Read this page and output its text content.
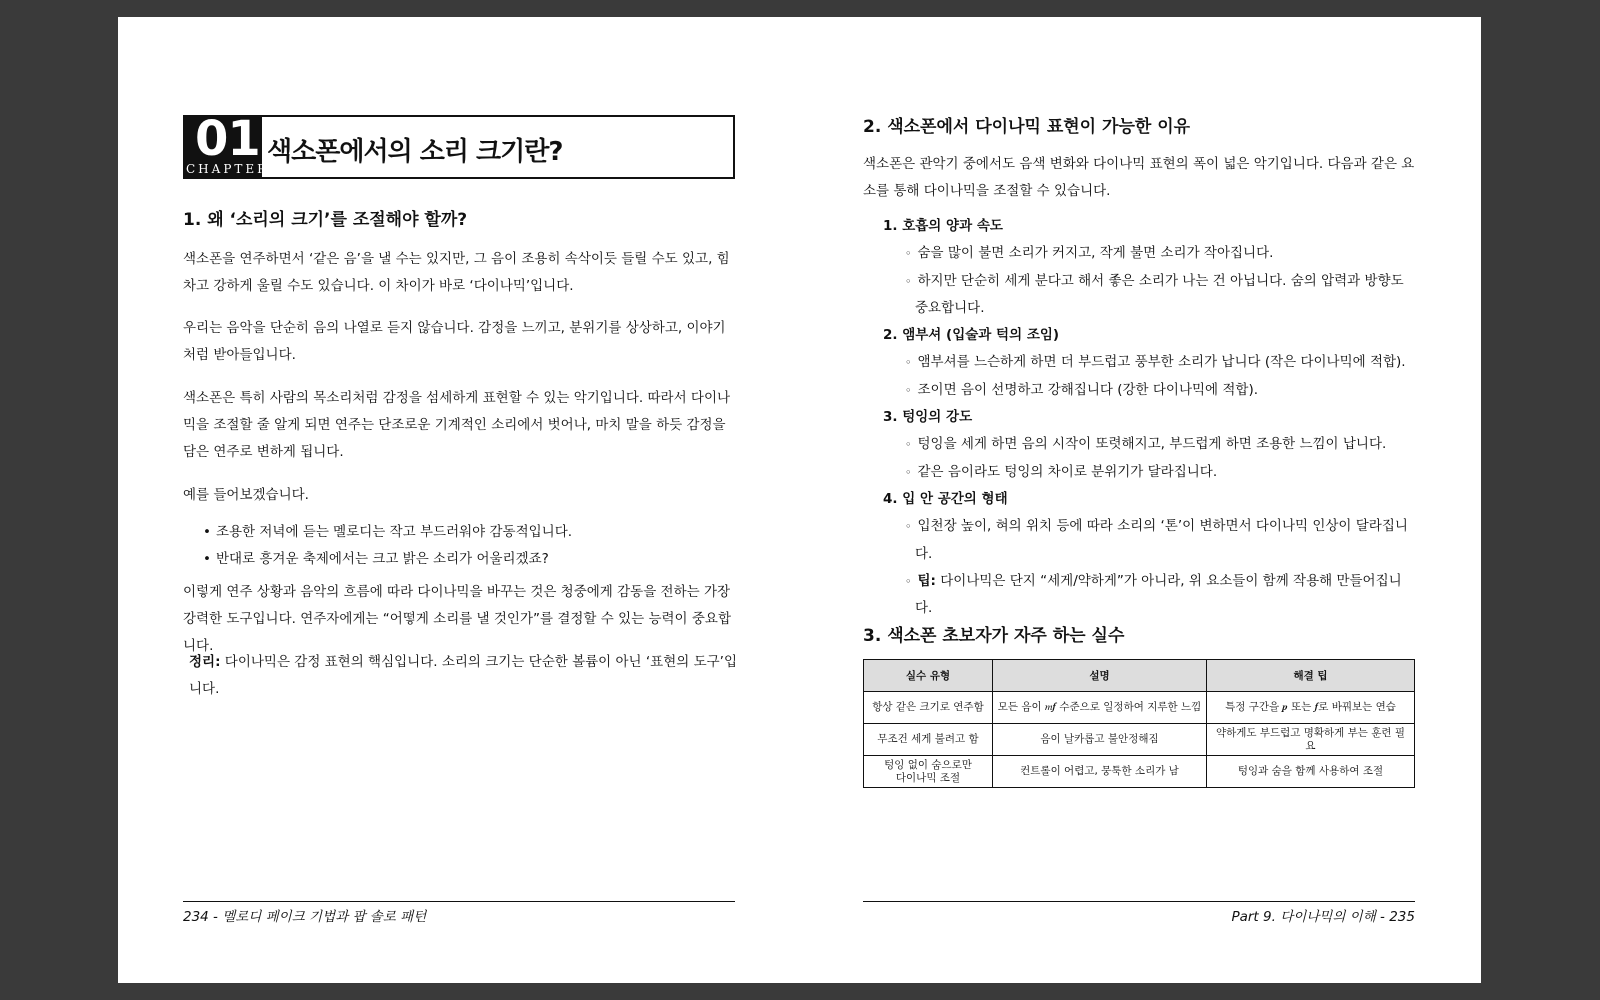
01
CHAPTER
색소폰에서의 소리 크기란?
1. 왜 ‘소리의 크기’를 조절해야 할까?

색소폰을 연주하면서 ‘같은 음’을 낼 수는 있지만, 그 음이 조용히 속삭이듯 들릴 수도 있고, 힘차고 강하게 울릴 수도 있습니다. 이 차이가 바로 ‘다이나믹’입니다.

우리는 음악을 단순히 음의 나열로 듣지 않습니다. 감정을 느끼고, 분위기를 상상하고, 이야기처럼 받아들입니다.

색소폰은 특히 사람의 목소리처럼 감정을 섬세하게 표현할 수 있는 악기입니다. 따라서 다이나믹을 조절할 줄 알게 되면 연주는 단조로운 기계적인 소리에서 벗어나, 마치 말을 하듯 감정을 담은 연주로 변하게 됩니다.

예를 들어보겠습니다.

• 조용한 저녁에 듣는 멜로디는 작고 부드러워야 감동적입니다.
• 반대로 흥겨운 축제에서는 크고 밝은 소리가 어울리겠죠?

이렇게 연주 상황과 음악의 흐름에 따라 다이나믹을 바꾸는 것은 청중에게 감동을 전하는 가장 강력한 도구입니다. 연주자에게는 “어떻게 소리를 낼 것인가”를 결정할 수 있는 능력이 중요합니다.

정리: 다이나믹은 감정 표현의 핵심입니다. 소리의 크기는 단순한 볼륨이 아닌 ‘표현의 도구’입니다.

234 - 멜로디 페이크 기법과 팝 솔로 패턴
2. 색소폰에서 다이나믹 표현이 가능한 이유

색소폰은 관악기 중에서도 음색 변화와 다이나믹 표현의 폭이 넓은 악기입니다. 다음과 같은 요소를 통해 다이나믹을 조절할 수 있습니다.

1. 호흡의 양과 속도
◦ 숨을 많이 불면 소리가 커지고, 작게 불면 소리가 작아집니다.
◦ 하지만 단순히 세게 분다고 해서 좋은 소리가 나는 건 아닙니다. 숨의 압력과 방향도 중요합니다.
2. 앰부셔 (입술과 턱의 조임)
◦ 앰부셔를 느슨하게 하면 더 부드럽고 풍부한 소리가 납니다 (작은 다이나믹에 적합).
◦ 조이면 음이 선명하고 강해집니다 (강한 다이나믹에 적합).
3. 텅잉의 강도
◦ 텅잉을 세게 하면 음의 시작이 또렷해지고, 부드럽게 하면 조용한 느낌이 납니다.
◦ 같은 음이라도 텅잉의 차이로 분위기가 달라집니다.
4. 입 안 공간의 형태
◦ 입천장 높이, 혀의 위치 등에 따라 소리의 ‘톤’이 변하면서 다이나믹 인상이 달라집니다.
◦ 팁: 다이나믹은 단지 “세게/약하게”가 아니라, 위 요소들이 함께 작용해 만들어집니다.
3. 색소폰 초보자가 자주 하는 실수
실수 유형	설명	해결 팁
항상 같은 크기로 연주함	모든 음이 𝆐𝆑 수준으로 일정하여 지루한 느낌	특정 구간을 𝆏 또는 𝆑로 바꿔보는 연습
무조건 세게 불려고 함	음이 날카롭고 불안정해짐	약하게도 부드럽고 명확하게 부는 훈련 필요
텅잉 없이 숨으로만 다이나믹 조절	컨트롤이 어렵고, 뭉툭한 소리가 남	텅잉과 숨을 함께 사용하여 조절
Part 9. 다이나믹의 이해 - 235
